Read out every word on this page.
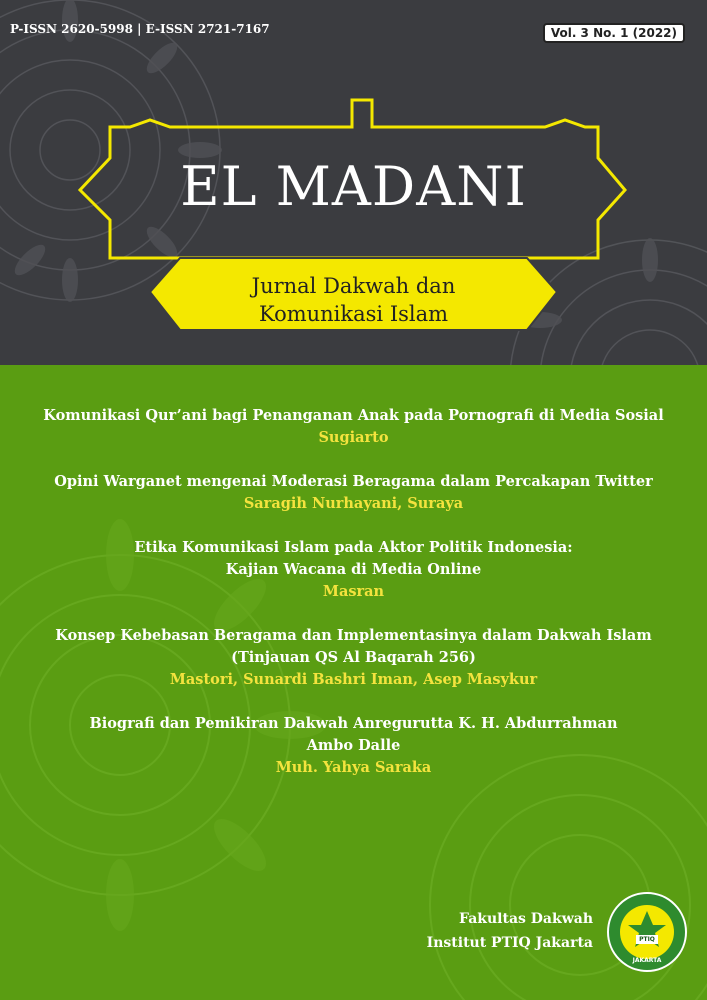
P-ISSN 2620-5998 | E-ISSN 2721-7167	Vol. 3 No. 1 (2022)
EL MADANI
Jurnal Dakwah dan
Komunikasi Islam
Komunikasi Qur’ani bagi Penanganan Anak pada Pornografi di Media Sosial
Sugiarto
Opini Warganet mengenai Moderasi Beragama dalam Percakapan Twitter
Saragih Nurhayani, Suraya
Etika Komunikasi Islam pada Aktor Politik Indonesia:
Kajian Wacana di Media Online
Masran
Konsep Kebebasan Beragama dan Implementasinya dalam Dakwah Islam
(Tinjauan QS Al Baqarah 256)
Mastori, Sunardi Bashri Iman, Asep Masykur
Biografi dan Pemikiran Dakwah Anregurutta K. H. Abdurrahman
Ambo Dalle
Muh. Yahya Saraka
Fakultas Dakwah
Institut PTIQ Jakarta	PTIQ
JAKARTA
